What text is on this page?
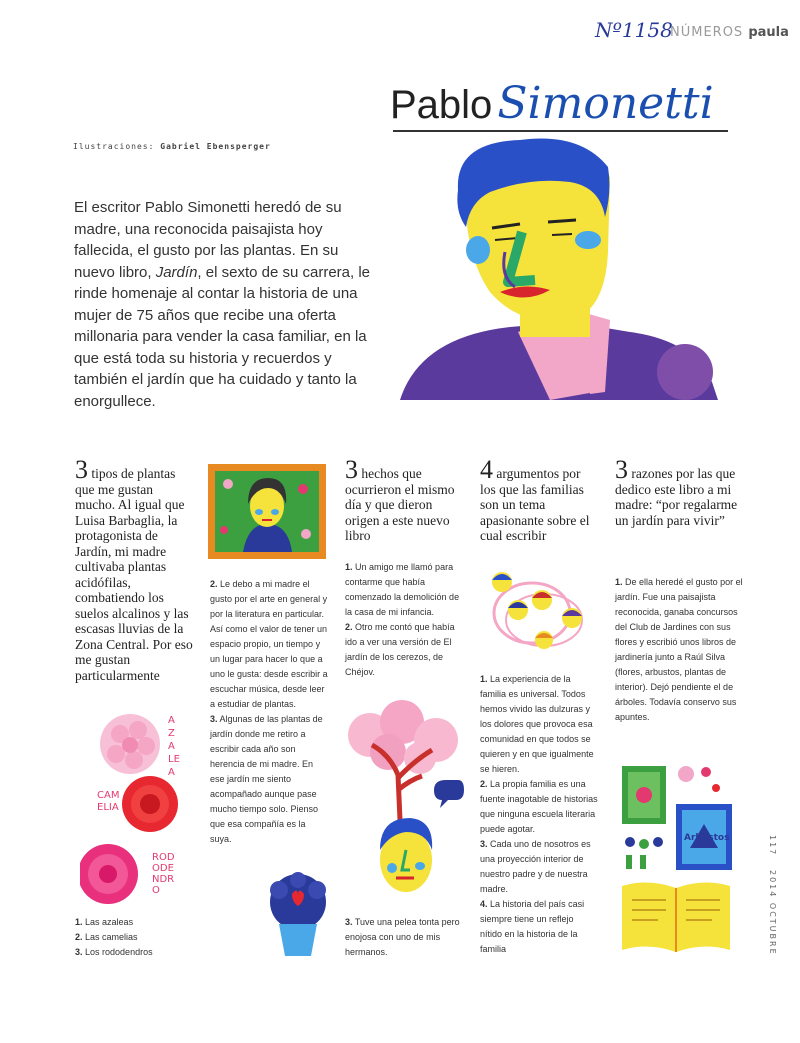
Nº1158
NÚMEROS paula
Pablo Simonetti
Ilustraciones: Gabriel Ebensperger
El escritor Pablo Simonetti heredó de su madre, una reconocida paisajista hoy fallecida, el gusto por las plantas. En su nuevo libro, Jardín, el sexto de su carrera, le rinde homenaje al contar la historia de una mujer de 75 años que recibe una oferta millonaria para vender la casa familiar, en la que está toda su historia y recuerdos y también el jardín que ha cuidado y tanto la enorgullece.
3 tipos de plantas que me gustan mucho. Al igual que Luisa Barbaglia, la protagonista de Jardín, mi madre cultivaba plantas acidófilas, combatiendo los suelos alcalinos y las escasas lluvias de la Zona Central. Por eso me gustan particularmente
AZALEA
CAMELIA
RODODENDRO
1. Las azaleas
2. Las camelias
3. Los rododendros

2. Le debo a mi madre el gusto por el arte en general y por la literatura en particular. Así como el valor de tener un espacio propio, un tiempo y un lugar para hacer lo que a uno le gusta: desde escribir a escuchar música, desde leer a estudiar de plantas.

3. Algunas de las plantas de jardín donde me retiro a escribir cada año son herencia de mi madre. En ese jardín me siento acompañado aunque pase mucho tiempo solo. Pienso que esa compañía es la suya.

3 hechos que ocurrieron el mismo día y que dieron origen a este nuevo libro

1. Un amigo me llamó para contarme que había comenzado la demolición de la casa de mi infancia.

2. Otro me contó que había ido a ver una versión de El jardín de los cerezos, de Chéjov.

3. Tuve una pelea tonta pero enojosa con uno de mis hermanos.

4 argumentos por los que las familias son un tema apasionante sobre el cual escribir

1. La experiencia de la familia es universal. Todos hemos vivido las dulzuras y los dolores que provoca esa comunidad en que todos se quieren y en que igualmente se hieren.

2. La propia familia es una fuente inagotable de historias que ninguna escuela literaria puede agotar.

3. Cada uno de nosotros es una proyección interior de nuestro padre y de nuestra madre.

4. La historia del país casi siempre tiene un reflejo nítido en la historia de la familia

3 razones por las que dedico este libro a mi madre: “por regalarme un jardín para vivir”

1. De ella heredé el gusto por el jardín. Fue una paisajista reconocida, ganaba concursos del Club de Jardines con sus flores y escribió unos libros de jardinería junto a Raúl Silva (flores, arbustos, plantas de interior). Dejó pendiente el de árboles. Todavía conservo sus apuntes.

Arbustos	117
2014 OCTUBRE
